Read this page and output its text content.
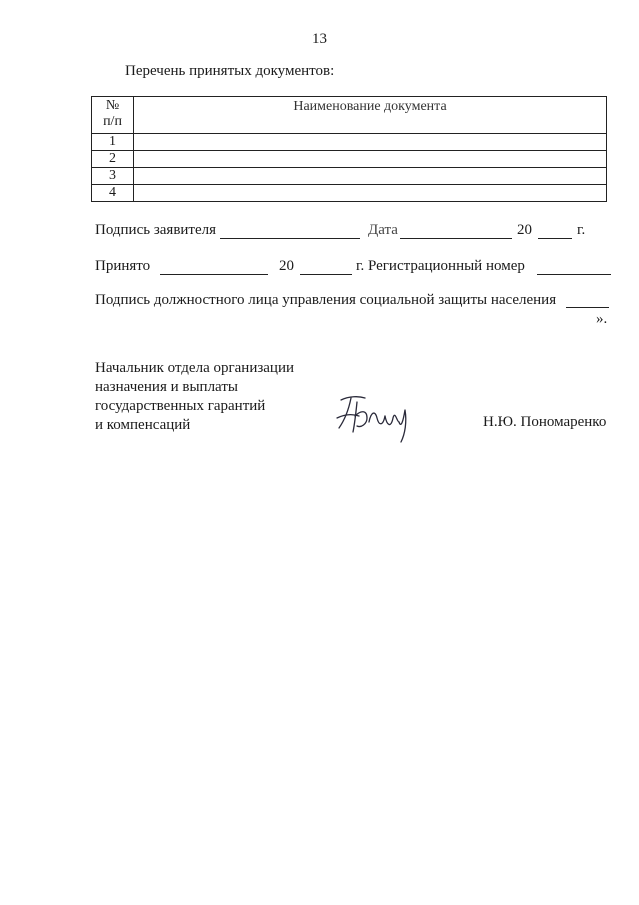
13
Перечень принятых документов:
№
п/п	Наименование документа
1	
2	
3	
4	
Подпись заявителя	Дата	20	г.
Принято	20	г. Регистрационный номер
Подпись должностного лица управления социальной защиты населения
».
Начальник отдела организации
назначения и выплаты
государственных гарантий
и компенсаций	Н.Ю. Пономаренко
